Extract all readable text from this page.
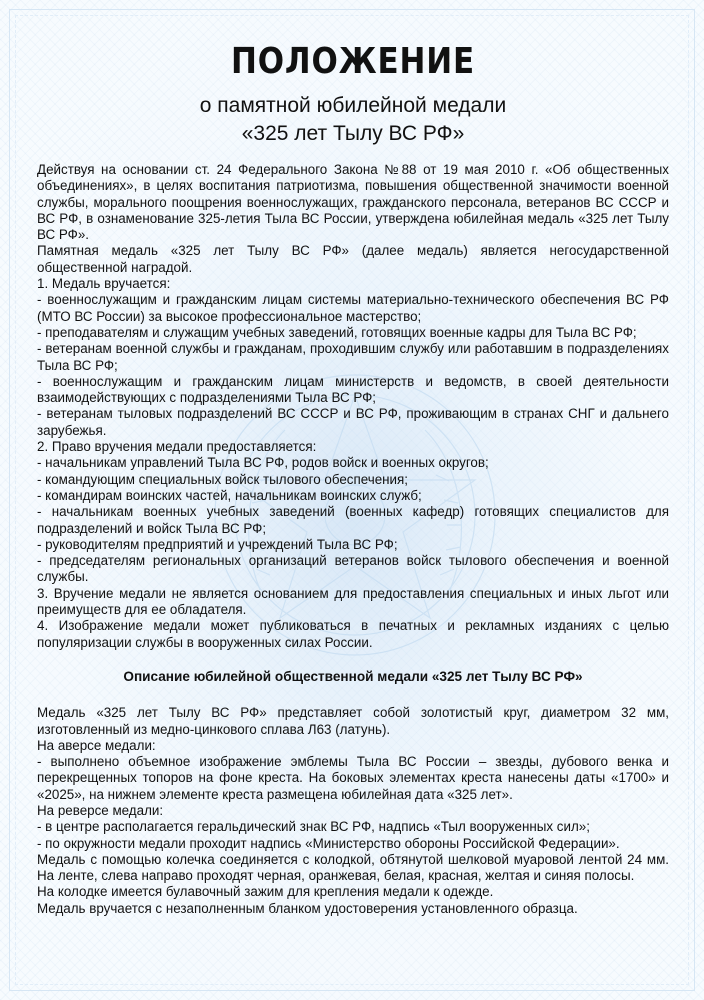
ПОЛОЖЕНИЕ
о памятной юбилейной медали
«325 лет Тылу ВС РФ»

Действуя на основании ст. 24 Федерального Закона №88 от 19 мая 2010 г. «Об общественных объединениях», в целях воспитания патриотизма, повышения общественной значимости военной службы, морального поощрения военнослужащих, гражданского персонала, ветеранов ВС СССР и ВС РФ, в ознаменование 325-летия Тыла ВС России, утверждена юбилейная медаль «325 лет Тылу ВС РФ».

Памятная медаль «325 лет Тылу ВС РФ» (далее медаль) является негосударственной общественной наградой.

1. Медаль вручается:

- военнослужащим и гражданским лицам системы материально-технического обеспечения ВС РФ (МТО ВС России) за высокое профессиональное мастерство;

- преподавателям и служащим учебных заведений, готовящих военные кадры для Тыла ВС РФ;

- ветеранам военной службы и гражданам, проходившим службу или работавшим в подразделениях Тыла ВС РФ;

- военнослужащим и гражданским лицам министерств и ведомств, в своей деятельности взаимодействующих с подразделениями Тыла ВС РФ;

- ветеранам тыловых подразделений ВС СССР и ВС РФ, проживающим в странах СНГ и дальнего зарубежья.

2. Право вручения медали предоставляется:

- начальникам управлений Тыла ВС РФ, родов войск и военных округов;

- командующим специальных войск тылового обеспечения;

- командирам воинских частей, начальникам воинских служб;

- начальникам военных учебных заведений (военных кафедр) готовящих специалистов для подразделений и войск Тыла ВС РФ;

- руководителям предприятий и учреждений Тыла ВС РФ;

- председателям региональных организаций ветеранов войск тылового обеспечения и военной службы.

3. Вручение медали не является основанием для предоставления специальных и иных льгот или преимуществ для ее обладателя.

4. Изображение медали может публиковаться в печатных и рекламных изданиях с целью популяризации службы в вооруженных силах России.

Описание юбилейной общественной медали «325 лет Тылу ВС РФ»

Медаль «325 лет Тылу ВС РФ» представляет собой золотистый круг, диаметром 32 мм, изготовленный из медно-цинкового сплава Л63 (латунь).

На аверсе медали:

- выполнено объемное изображение эмблемы Тыла ВС России – звезды, дубового венка и перекрещенных топоров на фоне креста. На боковых элементах креста нанесены даты «1700» и «2025», на нижнем элементе креста размещена юбилейная дата «325 лет».

На реверсе медали:

- в центре располагается геральдический знак ВС РФ, надпись «Тыл вооруженных сил»;

- по окружности медали проходит надпись «Министерство обороны Российской Федерации».

Медаль с помощью колечка соединяется с колодкой, обтянутой шелковой муаровой лентой 24 мм. На ленте, слева направо проходят черная, оранжевая, белая, красная, желтая и синяя полосы.

На колодке имеется булавочный зажим для крепления медали к одежде.

Медаль вручается с незаполненным бланком удостоверения установленного образца.
